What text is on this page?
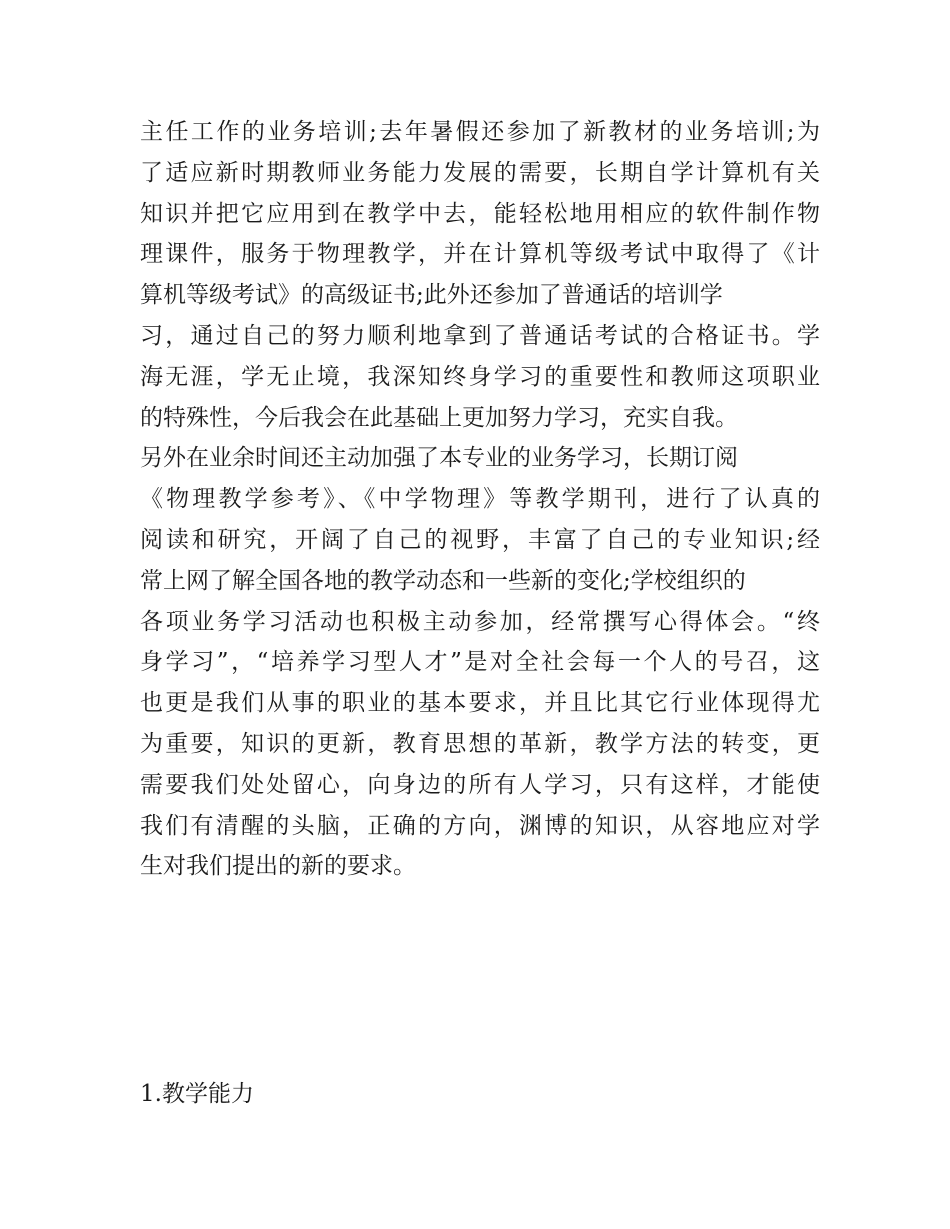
主任工作的业务培训;去年暑假还参加了新教材的业务培训;为
了适应新时期教师业务能力发展的需要，长期自学计算机有关
知识并把它应用到在教学中去，能轻松地用相应的软件制作物
理课件，服务于物理教学，并在计算机等级考试中取得了《计
算机等级考试》的高级证书;此外还参加了普通话的培训学
习，通过自己的努力顺利地拿到了普通话考试的合格证书。学
海无涯，学无止境，我深知终身学习的重要性和教师这项职业
的特殊性，今后我会在此基础上更加努力学习，充实自我。
另外在业余时间还主动加强了本专业的业务学习，长期订阅
《物理教学参考》、《中学物理》等教学期刊，进行了认真的
阅读和研究，开阔了自己的视野，丰富了自己的专业知识;经
常上网了解全国各地的教学动态和一些新的变化;学校组织的
各项业务学习活动也积极主动参加，经常撰写心得体会。“终
身学习”，“培养学习型人才”是对全社会每一个人的号召，这
也更是我们从事的职业的基本要求，并且比其它行业体现得尤
为重要，知识的更新，教育思想的革新，教学方法的转变，更
需要我们处处留心，向身边的所有人学习，只有这样，才能使
我们有清醒的头脑，正确的方向，渊博的知识，从容地应对学
生对我们提出的新的要求。
1.教学能力
